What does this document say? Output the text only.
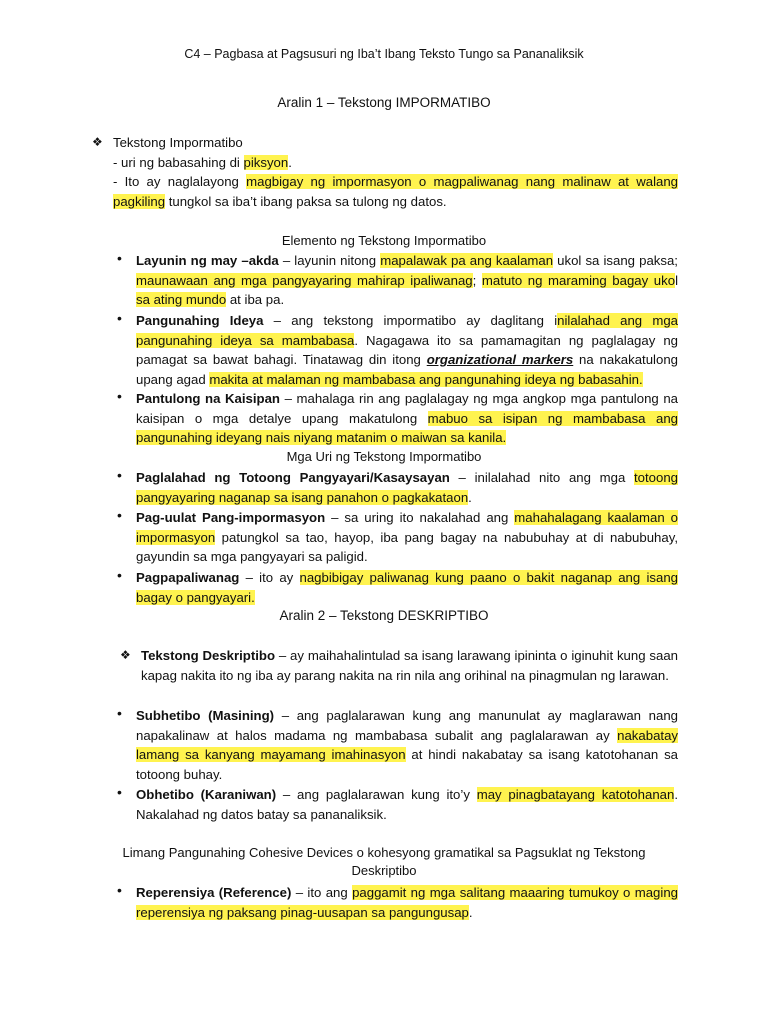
C4 – Pagbasa at Pagsusuri ng Iba’t Ibang Teksto Tungo sa Pananaliksik
Aralin 1 – Tekstong IMPORMATIBO
❖ Tekstong Impormatibo
- uri ng babasahing di piksyon.
- Ito ay naglalayong magbigay ng impormasyon o magpaliwanag nang malinaw at walang
pagkiling tungkol sa iba’t ibang paksa sa tulong ng datos.
Elemento ng Tekstong Impormatibo
• Layunin ng may –akda – layunin nitong mapalawak pa ang kaalaman ukol sa isang paksa;
maunawaan ang mga pangyayaring mahirap ipaliwanag; matuto ng maraming bagay ukol
sa ating mundo at iba pa.
• Pangunahing Ideya – ang tekstong impormatibo ay daglitang inilalahad ang mga
pangunahing ideya sa mambabasa. Nagagawa ito sa pamamagitan ng paglalagay ng
pamagat sa bawat bahagi. Tinatawag din itong organizational markers na nakakatulong
upang agad makita at malaman ng mambabasa ang pangunahing ideya ng babasahin.
• Pantulong na Kaisipan – mahalaga rin ang paglalagay ng mga angkop mga pantulong na
kaisipan o mga detalye upang makatulong mabuo sa isipan ng mambabasa ang
pangunahing ideyang nais niyang matanim o maiwan sa kanila.
Mga Uri ng Tekstong Impormatibo
• Paglalahad ng Totoong Pangyayari/Kasaysayan – inilalahad nito ang mga totoong
pangyayaring naganap sa isang panahon o pagkakataon.
• Pag-uulat Pang-impormasyon – sa uring ito nakalahad ang mahahalagang kaalaman o
impormasyon patungkol sa tao, hayop, iba pang bagay na nabubuhay at di nabubuhay,
gayundin sa mga pangyayari sa paligid.
• Pagpapaliwanag – ito ay nagbibigay paliwanag kung paano o bakit naganap ang isang
bagay o pangyayari.
Aralin 2 – Tekstong DESKRIPTIBO
❖ Tekstong Deskriptibo – ay maihahalintulad sa isang larawang ipininta o iginuhit kung saan
kapag nakita ito ng iba ay parang nakita na rin nila ang orihinal na pinagmulan ng larawan.
• Subhetibo (Masining) – ang paglalarawan kung ang manunulat ay maglarawan nang
napakalinaw at halos madama ng mambabasa subalit ang paglalarawan ay nakabatay
lamang sa kanyang mayamang imahinasyon at hindi nakabatay sa isang katotohanan sa
totoong buhay.
• Obhetibo (Karaniwan) – ang paglalarawan kung ito’y may pinagbatayang katotohanan.
Nakalahad ng datos batay sa pananaliksik.
Limang Pangunahing Cohesive Devices o kohesyong gramatikal sa Pagsuklat ng Tekstong
Deskriptibo
• Reperensiya (Reference) – ito ang paggamit ng mga salitang maaaring tumukoy o maging
reperensiya ng paksang pinag-uusapan sa pangungusap.
